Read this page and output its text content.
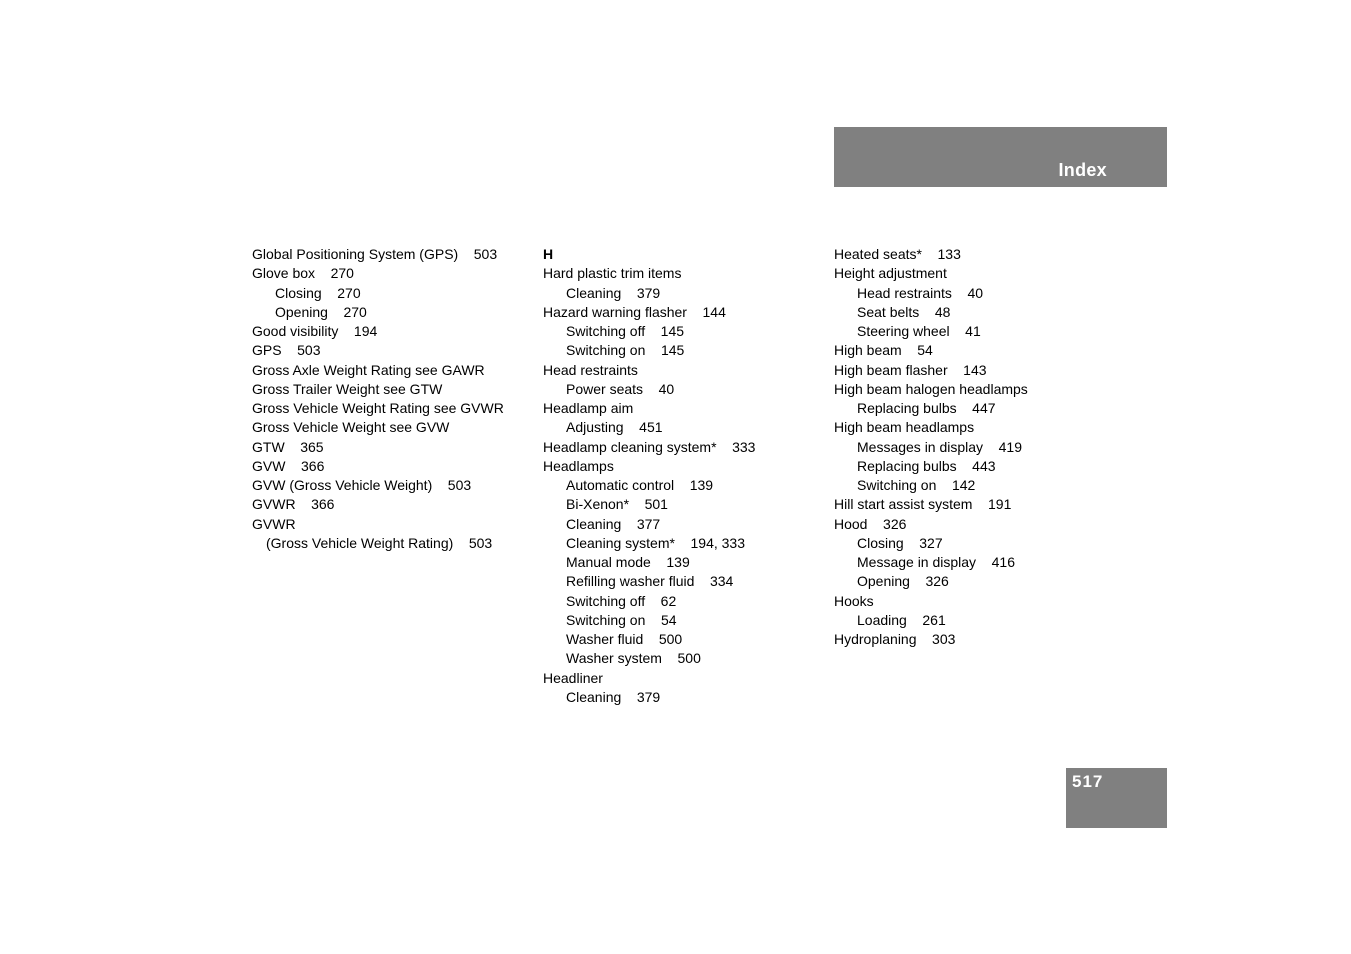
Index
Global Positioning System (GPS)    503
Glove box    270
Closing    270
Opening    270
Good visibility    194
GPS    503
Gross Axle Weight Rating see GAWR
Gross Trailer Weight see GTW
Gross Vehicle Weight Rating see GVWR
Gross Vehicle Weight see GVW
GTW    365
GVW    366
GVW (Gross Vehicle Weight)    503
GVWR    366
GVWR
(Gross Vehicle Weight Rating)    503
H
Hard plastic trim items
Cleaning    379
Hazard warning flasher    144
Switching off    145
Switching on    145
Head restraints
Power seats    40
Headlamp aim
Adjusting    451
Headlamp cleaning system*    333
Headlamps
Automatic control    139
Bi-Xenon*    501
Cleaning    377
Cleaning system*    194, 333
Manual mode    139
Refilling washer fluid    334
Switching off    62
Switching on    54
Washer fluid    500
Washer system    500
Headliner
Cleaning    379
Heated seats*    133
Height adjustment
Head restraints    40
Seat belts    48
Steering wheel    41
High beam    54
High beam flasher    143
High beam halogen headlamps
Replacing bulbs    447
High beam headlamps
Messages in display    419
Replacing bulbs    443
Switching on    142
Hill start assist system    191
Hood    326
Closing    327
Message in display    416
Opening    326
Hooks
Loading    261
Hydroplaning    303
517
